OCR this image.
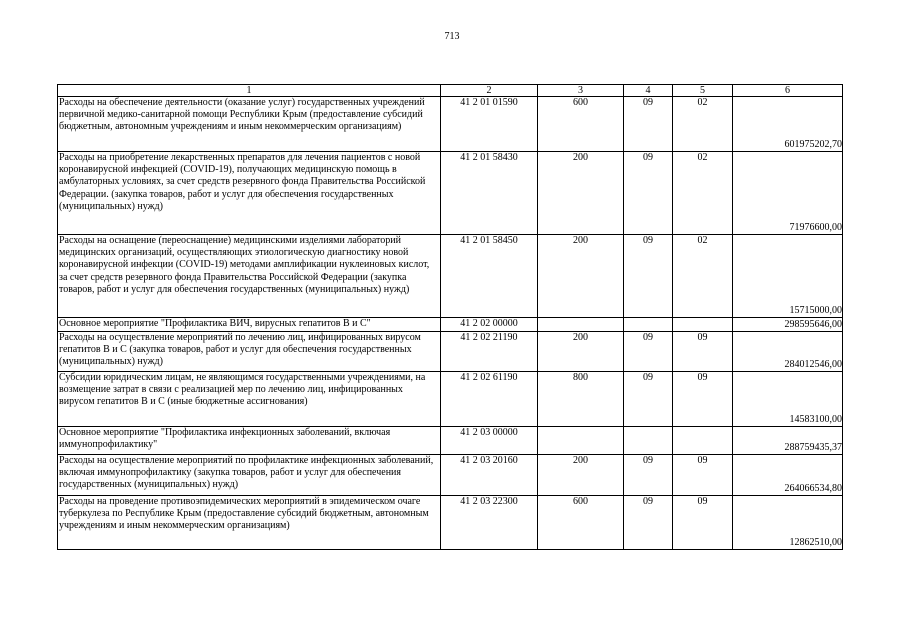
713
1	2	3	4	5	6
Расходы на обеспечение деятельности (оказание услуг) государственных учреждений первичной медико-санитарной помощи Республики Крым (предоставление субсидий бюджетным, автономным учреждениям и иным некоммерческим организациям)	41 2 01 01590	600	09	02	601975202,70
Расходы на приобретение лекарственных препаратов для лечения пациентов с новой коронавирусной инфекцией (COVID-19), получающих медицинскую помощь в амбулаторных условиях, за счет средств резервного фонда Правительства Российской Федерации. (закупка товаров, работ и услуг для обеспечения государственных (муниципальных) нужд)	41 2 01 58430	200	09	02	71976600,00
Расходы на оснащение (переоснащение) медицинскими изделиями лабораторий медицинских организаций, осуществляющих этиологическую диагностику новой коронавирусной инфекции (COVID-19) методами амплификации нуклеиновых кислот, за счет средств резервного фонда Правительства Российской Федерации (закупка товаров, работ и услуг для обеспечения государственных (муниципальных) нужд)	41 2 01 58450	200	09	02	15715000,00
Основное мероприятие "Профилактика ВИЧ, вирусных гепатитов В и С"	41 2 02 00000				298595646,00
Расходы на осуществление мероприятий по лечению лиц, инфицированных вирусом гепатитов В и С (закупка товаров, работ и услуг для обеспечения государственных (муниципальных) нужд)	41 2 02 21190	200	09	09	284012546,00
Субсидии юридическим лицам, не являющимся государственными учреждениями, на возмещение затрат в связи с реализацией мер по лечению лиц, инфицированных вирусом гепатитов В и С (иные бюджетные ассигнования)	41 2 02 61190	800	09	09	14583100,00
Основное мероприятие "Профилактика инфекционных заболеваний, включая иммунопрофилактику"	41 2 03 00000				288759435,37
Расходы на осуществление мероприятий по профилактике инфекционных заболеваний, включая иммунопрофилактику (закупка товаров, работ и услуг для обеспечения государственных (муниципальных) нужд)	41 2 03 20160	200	09	09	264066534,80
Расходы на проведение противоэпидемических мероприятий в эпидемическом очаге туберкулеза по Республике Крым (предоставление субсидий бюджетным, автономным учреждениям и иным некоммерческим организациям)	41 2 03 22300	600	09	09	12862510,00
